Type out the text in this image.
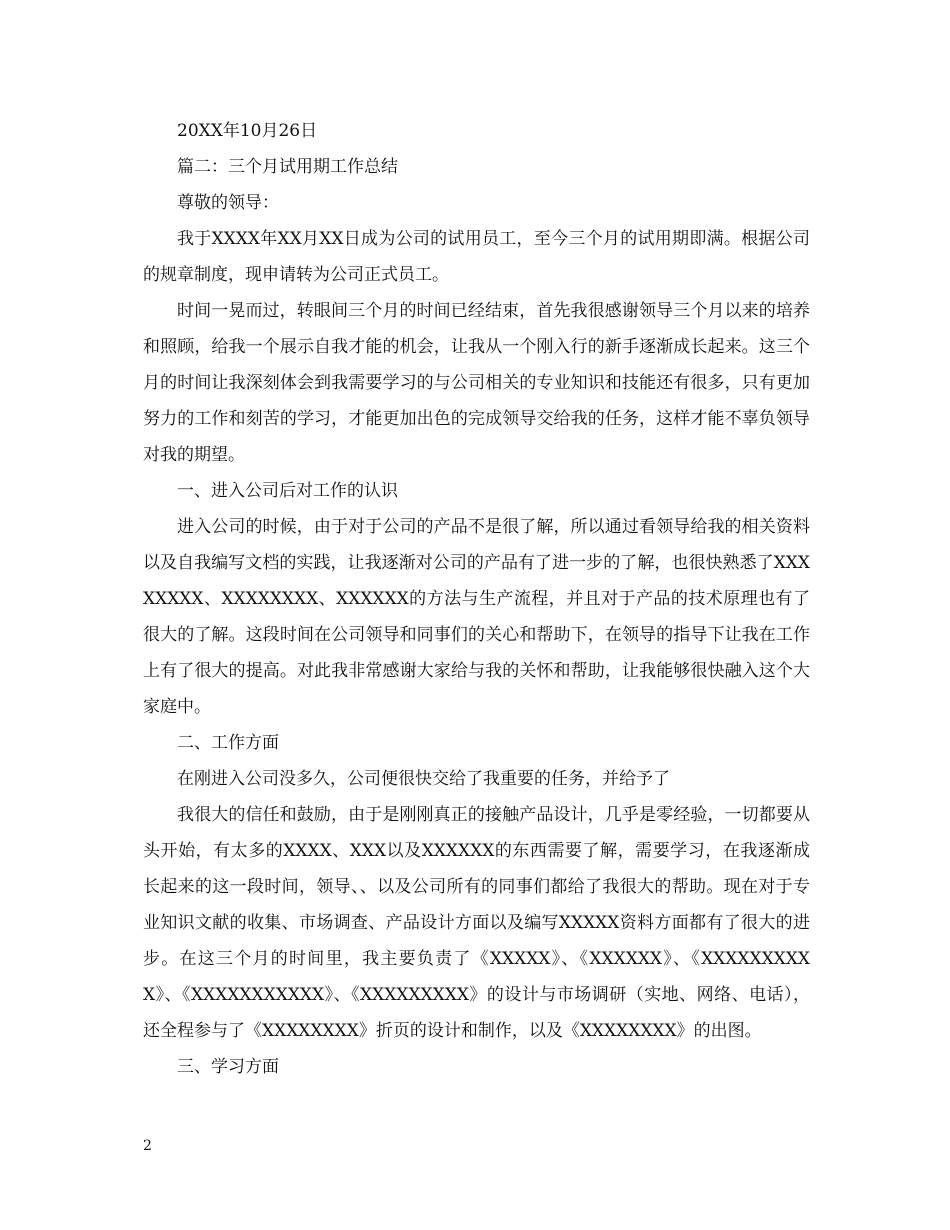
20XX年10月26日

篇二：三个月试用期工作总结

尊敬的领导：

我于XXXX年XX月XX日成为公司的试用员工，至今三个月的试用期即满。根据公司的规章制度，现申请转为公司正式员工。

时间一晃而过，转眼间三个月的时间已经结束，首先我很感谢领导三个月以来的培养和照顾，给我一个展示自我才能的机会，让我从一个刚入行的新手逐渐成长起来。这三个月的时间让我深刻体会到我需要学习的与公司相关的专业知识和技能还有很多，只有更加努力的工作和刻苦的学习，才能更加出色的完成领导交给我的任务，这样才能不辜负领导对我的期望。

一、进入公司后对工作的认识

进入公司的时候，由于对于公司的产品不是很了解，所以通过看领导给我的相关资料以及自我编写文档的实践，让我逐渐对公司的产品有了进一步的了解，也很快熟悉了XXXXXXXX、XXXXXXXX、XXXXXX的方法与生产流程，并且对于产品的技术原理也有了很大的了解。这段时间在公司领导和同事们的关心和帮助下，在领导的指导下让我在工作上有了很大的提高。对此我非常感谢大家给与我的关怀和帮助，让我能够很快融入这个大家庭中。

二、工作方面

在刚进入公司没多久，公司便很快交给了我重要的任务，并给予了

我很大的信任和鼓励，由于是刚刚真正的接触产品设计，几乎是零经验，一切都要从头开始，有太多的XXXX、XXX以及XXXXXX的东西需要了解，需要学习，在我逐渐成长起来的这一段时间，领导、、以及公司所有的同事们都给了我很大的帮助。现在对于专业知识文献的收集、市场调查、产品设计方面以及编写XXXXX资料方面都有了很大的进步。在这三个月的时间里，我主要负责了《XXXXX》、《XXXXXX》、《XXXXXXXXXX》、《XXXXXXXXXXX》、《XXXXXXXXX》的设计与市场调研（实地、网络、电话），还全程参与了《XXXXXXXX》折页的设计和制作，以及《XXXXXXXX》的出图。

三、学习方面

2
